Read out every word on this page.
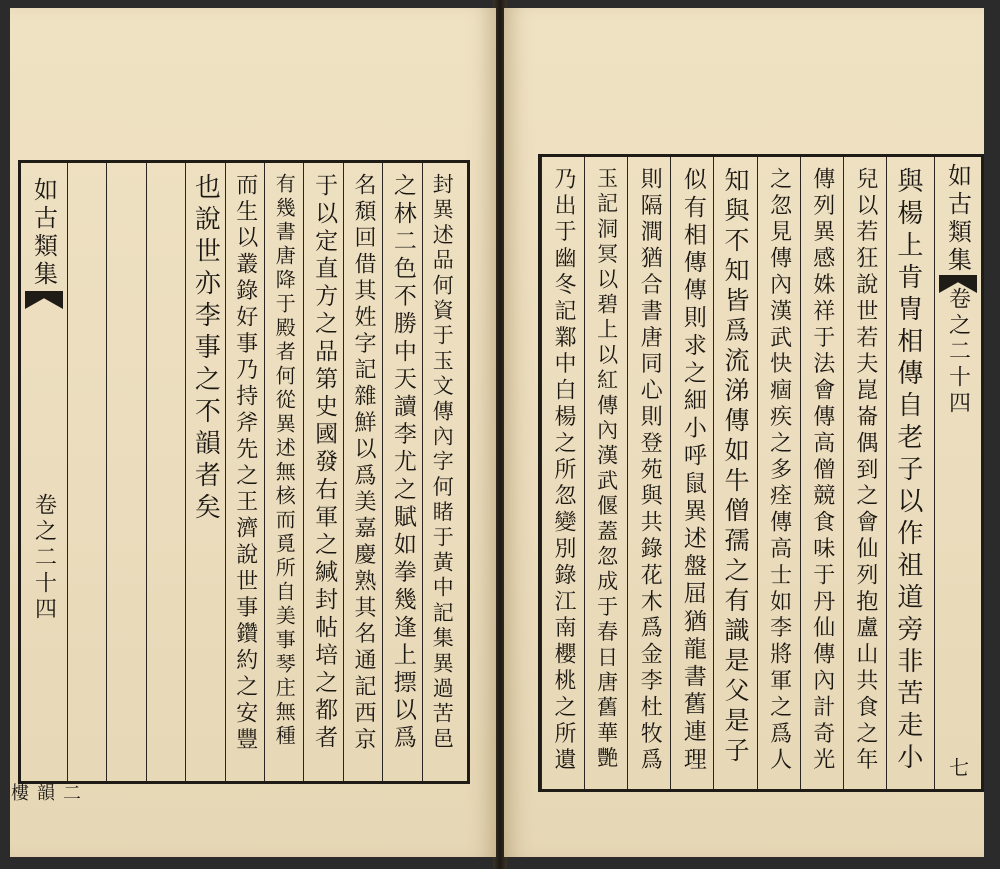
如古類集
卷之二十四
二韻樓
封異述品何資于玉文傳內字何睹于黃中記集異過苦邑
之林二色不勝中天讀李尤之賦如拳幾逢上摽以爲
名頹回借其姓字記雜鮮以爲美嘉慶熟其名通記西京
于以定直方之品第史國發右軍之緘封帖培之都者
有幾書唐降于殿者何從異述無核而覓所自美事琴庄無種
而生以叢錄好事乃持斧先之王濟說世事鑽約之安豐
也說世亦李事之不韻者矣	如古類集
卷之二十四
七
與楊上肯冑相傳自老子以作祖道旁非苦走小
兒以若狂說世若夫崑崙偶到之會仙列抱盧山共食之年
傳列異感姝祥于法會傳高僧競食味于丹仙傳內計奇光
之忽見傳內漢武快痼疾之多痊傳高士如李將軍之爲人
知與不知皆爲流涕傳如牛僧孺之有識是父是子
似有相傳傳則求之細小呼鼠異述盤屈猶龍書舊連理
則隔澗猶合書唐同心則登苑與共錄花木爲金李杜牧爲
玉記洞冥以碧上以紅傳內漢武偃蓋忽成于春日唐舊華艷
乃出于幽冬記鄴中白楊之所忽變別錄江南櫻桃之所遺
